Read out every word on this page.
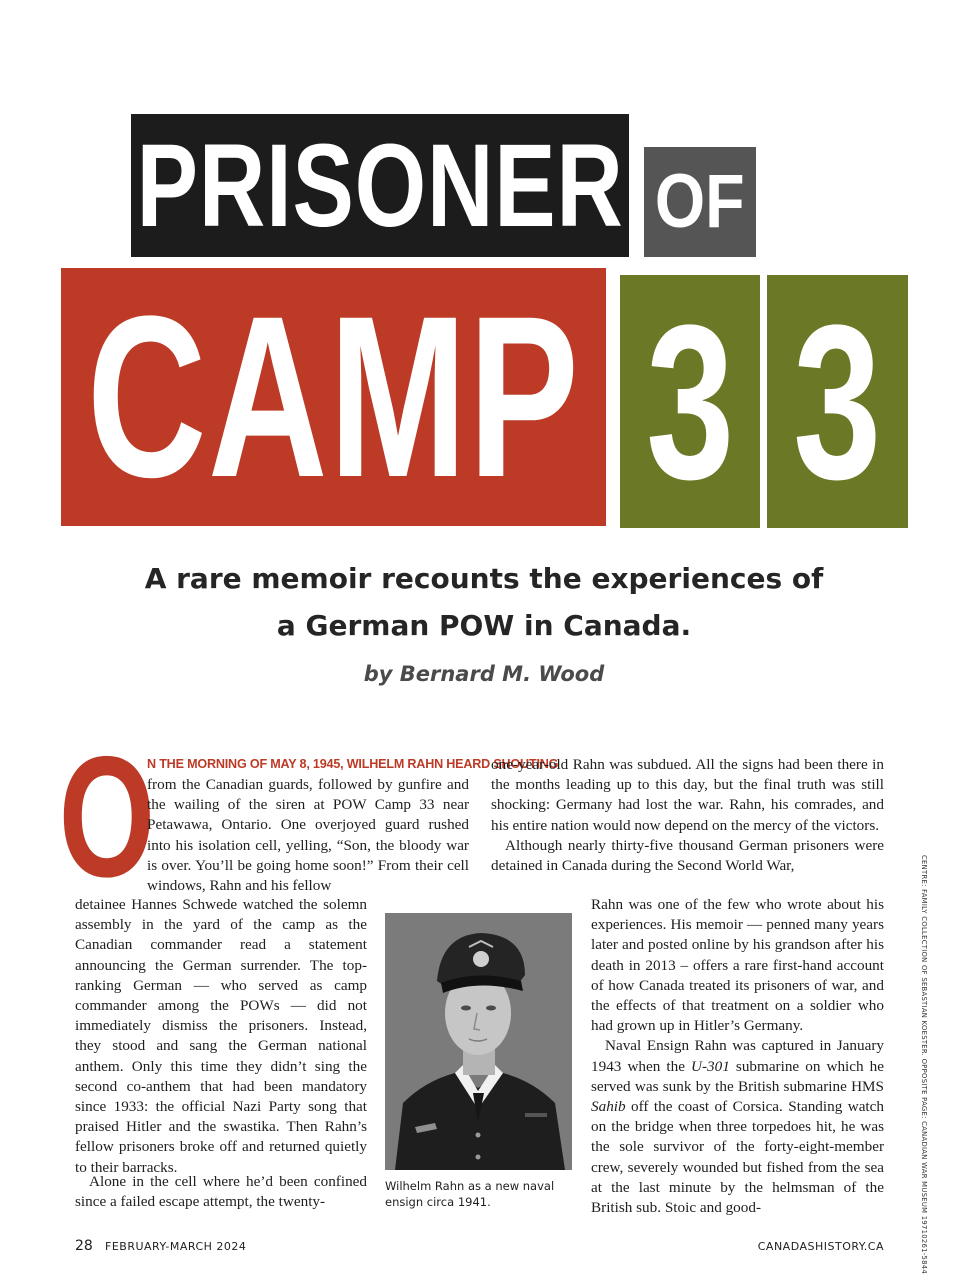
PRISONER OF
CAMP 3 3
A rare memoir recounts the experiences of
a German POW in Canada.
by Bernard M. Wood
O
N THE MORNING OF MAY 8, 1945, WILHELM RAHN HEARD SHOUTING

from the Canadian guards, followed by gunfire and the wailing of the siren at POW Camp 33 near Petawawa, Ontario. One overjoyed guard rushed into his isolation cell, yelling, “Son, the bloody war is over. You’ll be going home soon!” From their cell windows, Rahn and his fellow

detainee Hannes Schwede watched the solemn assembly in the yard of the camp as the Canadian commander read a statement announcing the German surrender. The top-ranking German — who served as camp commander among the POWs — did not immediately dismiss the prisoners. Instead, they stood and sang the German national anthem. Only this time they didn’t sing the second co-anthem that had been mandatory since 1933: the official Nazi Party song that praised Hitler and the swastika. Then Rahn’s fellow prisoners broke off and returned quietly to their barracks.

Alone in the cell where he’d been confined since a failed escape attempt, the twenty-

one-year-old Rahn was subdued. All the signs had been there in the months leading up to this day, but the final truth was still shocking: Germany had lost the war. Rahn, his comrades, and his entire nation would now depend on the mercy of the victors.

Although nearly thirty-five thousand German prisoners were detained in Canada during the Second World War,

Rahn was one of the few who wrote about his experiences. His memoir — penned many years later and posted online by his grandson after his death in 2013 – offers a rare first-hand account of how Canada treated its prisoners of war, and the effects of that treatment on a soldier who had grown up in Hitler’s Germany.

Naval Ensign Rahn was captured in January 1943 when the U-301 submarine on which he served was sunk by the British submarine HMS Sahib off the coast of Corsica. Standing watch on the bridge when three torpedoes hit, he was the sole survivor of the forty-eight-member crew, severely wounded but fished from the sea at the last minute by the helmsman of the British sub. Stoic and good-

Wilhelm Rahn as a new naval ensign circa 1941.	CENTRE: FAMILY COLLECTION OF SEBASTIAN KOESTER. OPPOSITE PAGE: CANADIAN WAR MUSEUM 19710261-5844
28 FEBRUARY-MARCH 2024	CANADASHISTORY.CA
